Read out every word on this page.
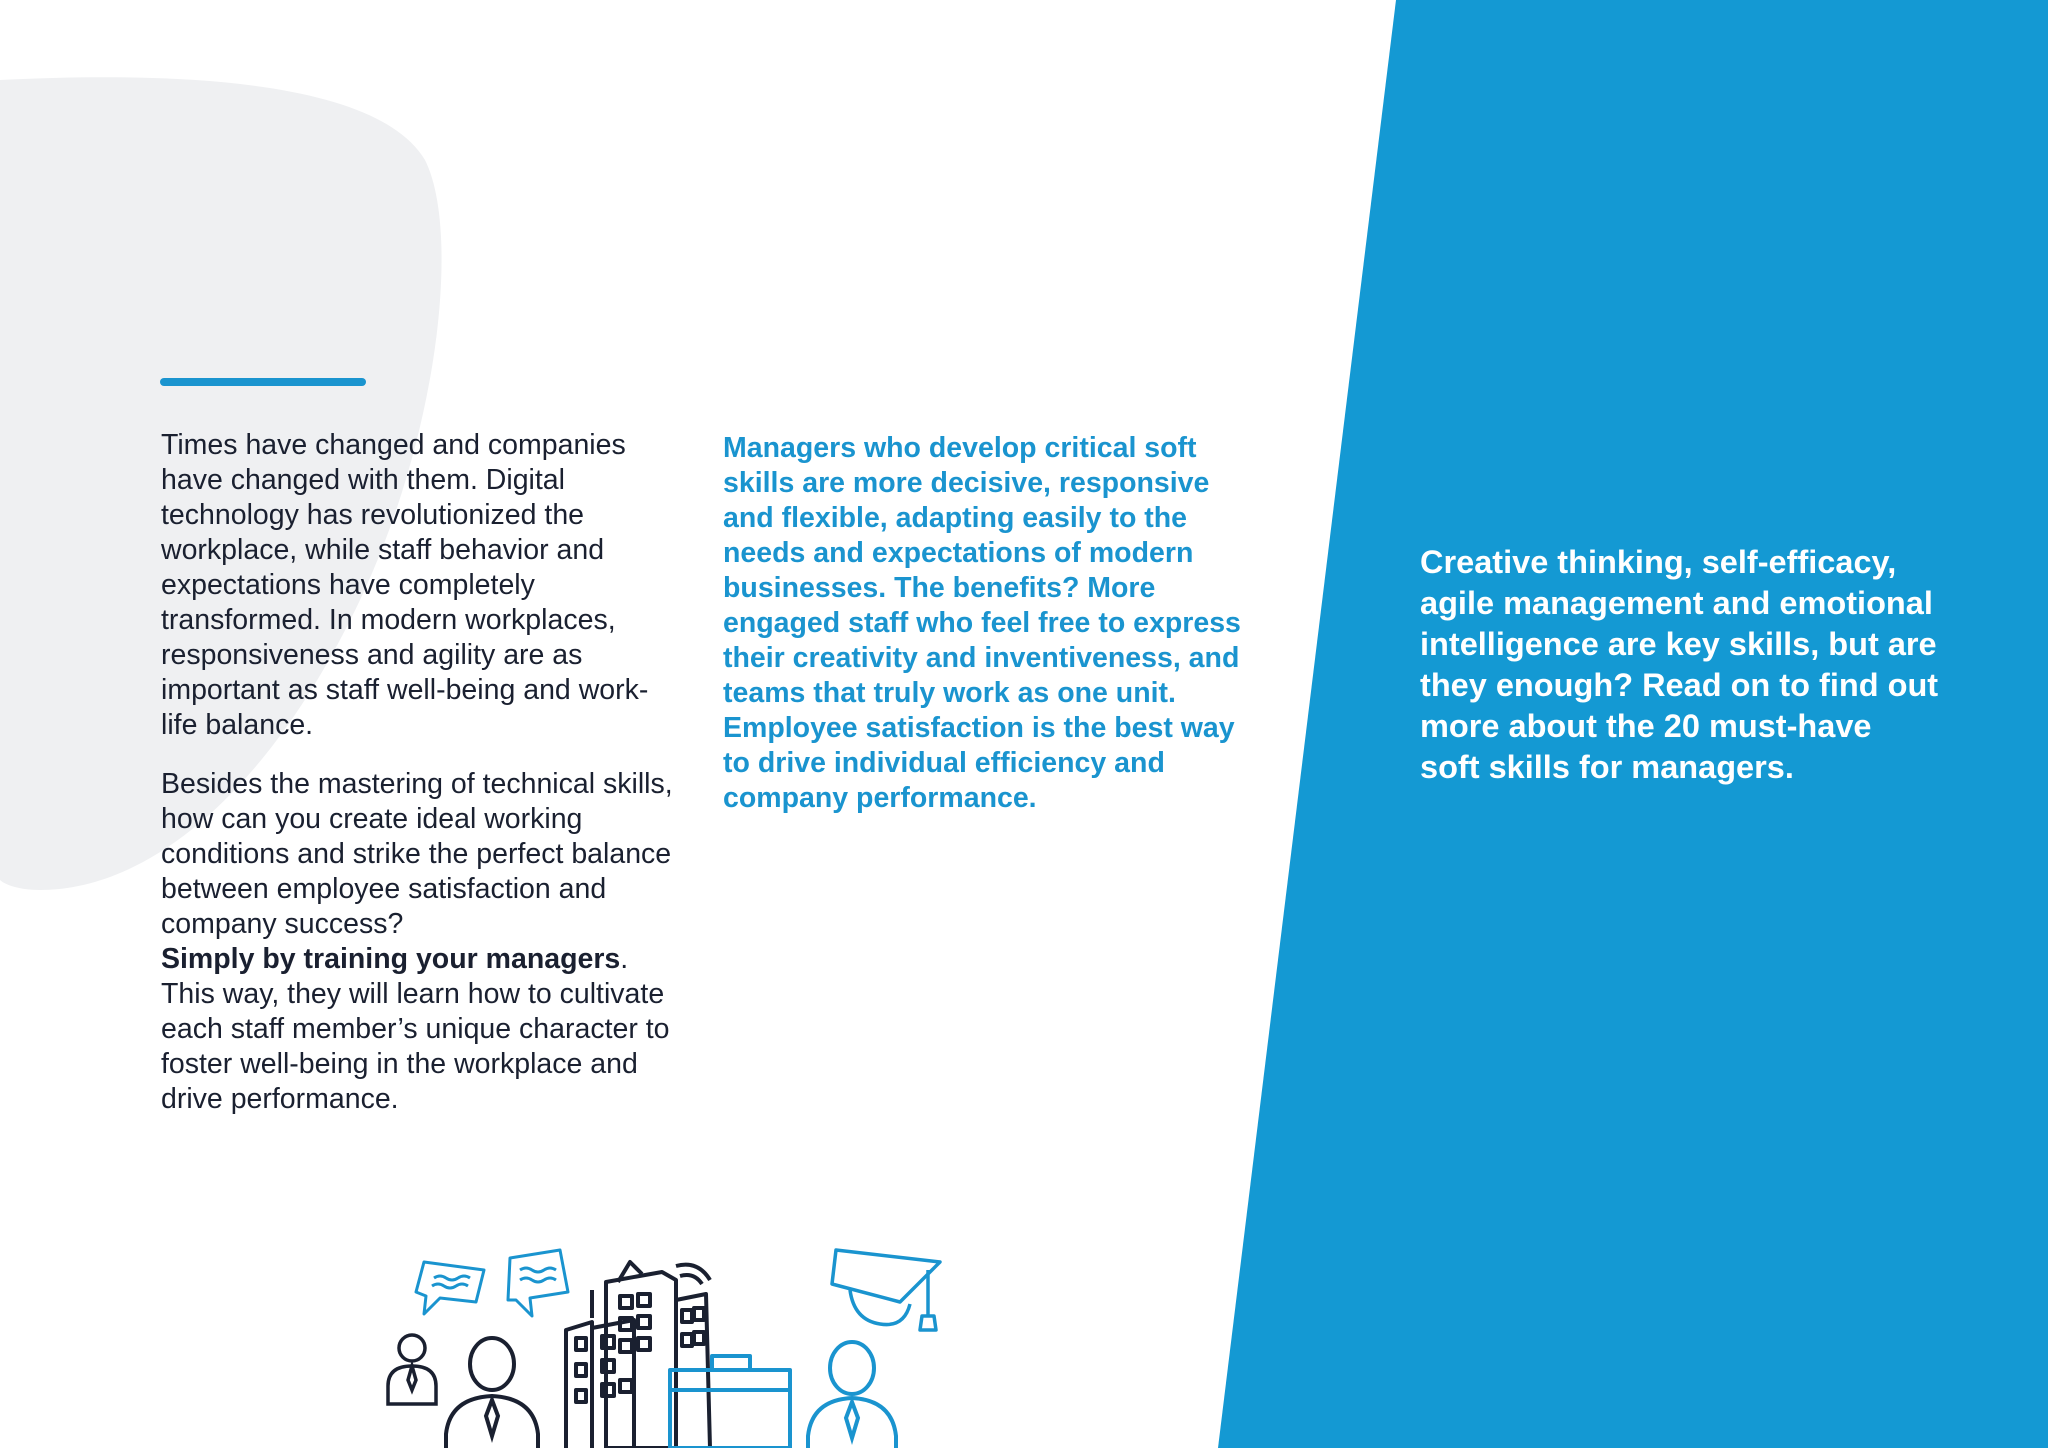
Times have changed and companies have changed with them. Digital technology has revolutionized the workplace, while staff behavior and expectations have completely transformed. In modern workplaces, responsiveness and agility are as important as staff well-being and work-life balance.

Besides the mastering of technical skills, how can you create ideal working conditions and strike the perfect balance between employee satisfaction and company success?
Simply by training your managers.
This way, they will learn how to cultivate each staff member’s unique character to foster well-being in the workplace and drive performance.

Managers who develop critical soft skills are more decisive, responsive and flexible, adapting easily to the needs and expectations of modern businesses. The benefits? More engaged staff who feel free to express their creativity and inventiveness, and teams that truly work as one unit. Employee satisfaction is the best way to drive individual efficiency and company performance.
Creative thinking, self-efficacy, agile management and emotional intelligence are key skills, but are they enough? Read on to find out more about the 20 must-have soft skills for managers.
